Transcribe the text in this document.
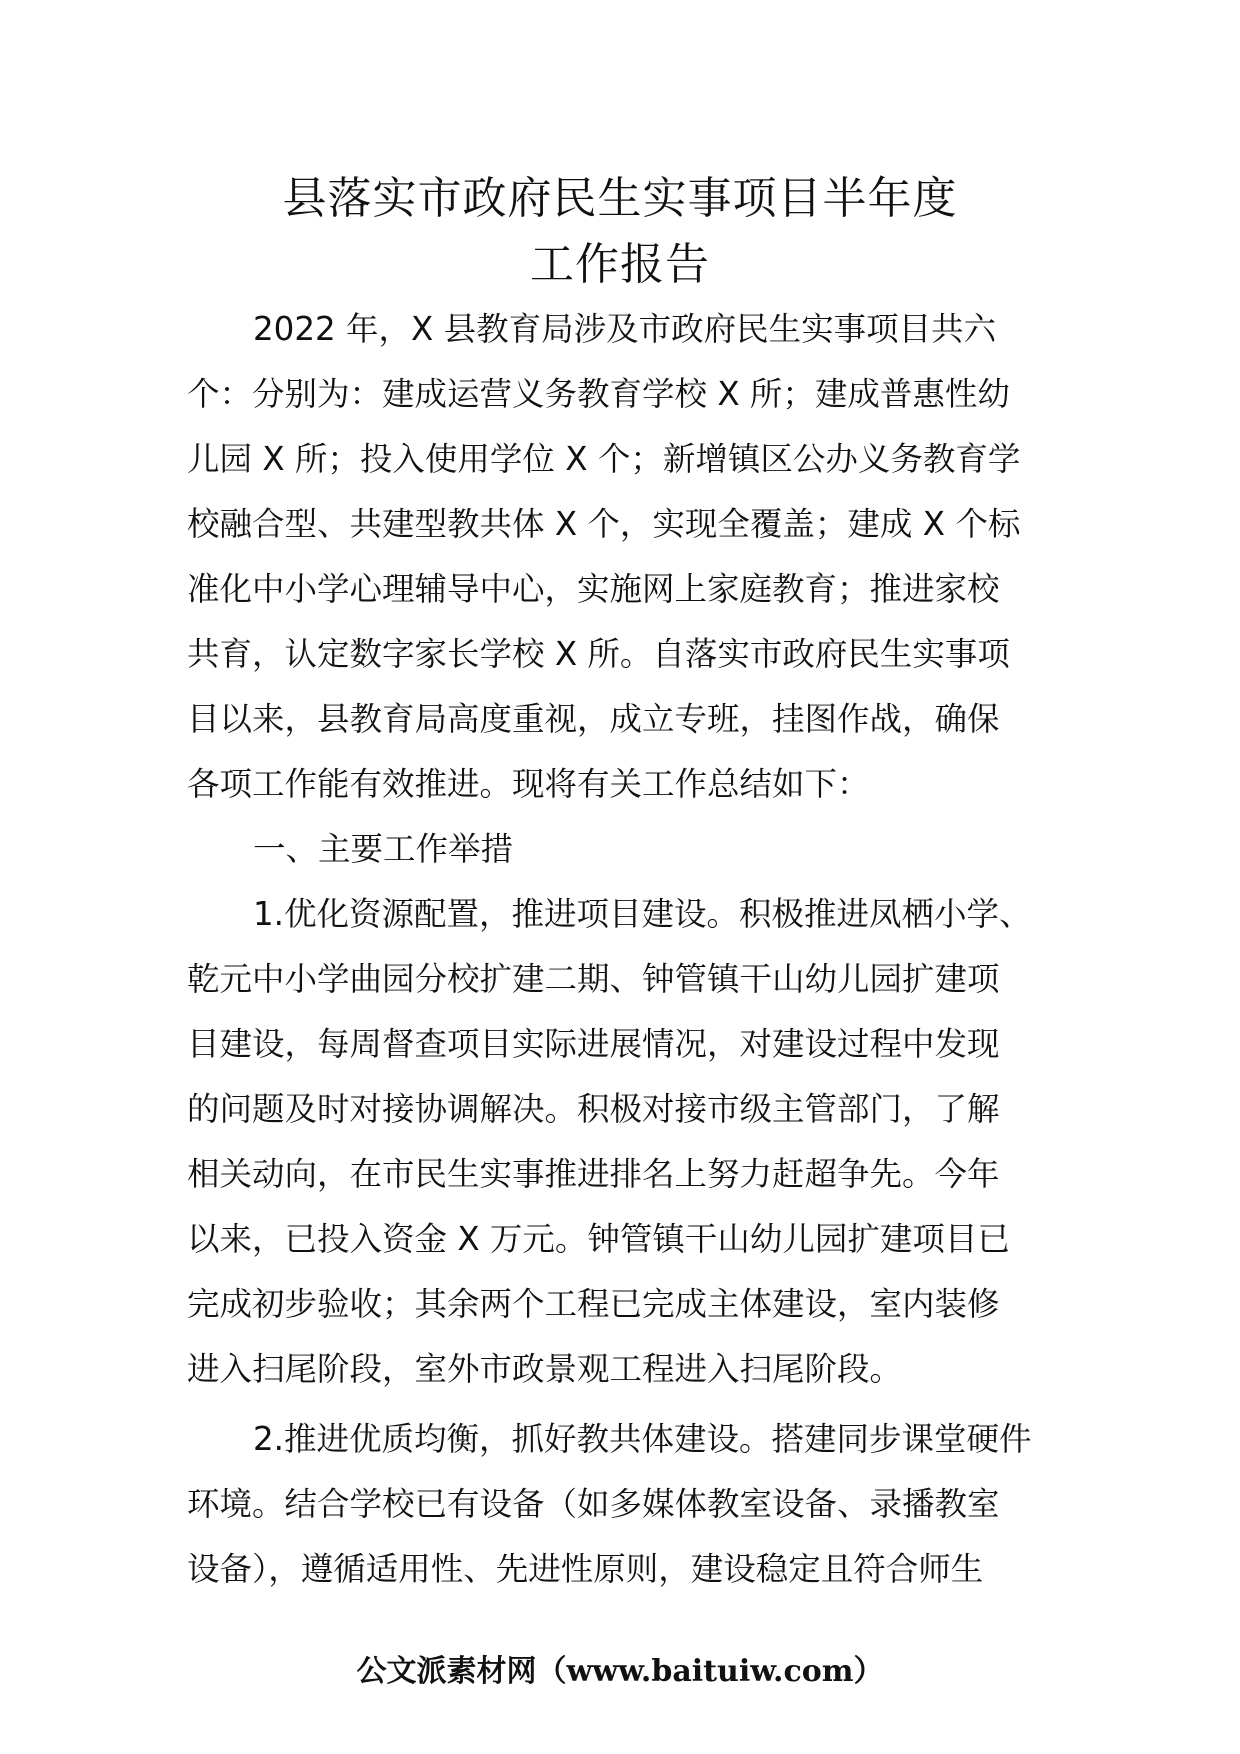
县落实市政府民生实事项目半年度
工作报告

2022 年，X 县教育局涉及市政府民生实事项目共六

个：分别为：建成运营义务教育学校 X 所；建成普惠性幼

儿园 X 所；投入使用学位 X 个；新增镇区公办义务教育学

校融合型、共建型教共体 X 个，实现全覆盖；建成 X 个标

准化中小学心理辅导中心，实施网上家庭教育；推进家校

共育，认定数字家长学校 X 所。自落实市政府民生实事项

目以来，县教育局高度重视，成立专班，挂图作战，确保

各项工作能有效推进。现将有关工作总结如下：

一、主要工作举措

1.优化资源配置，推进项目建设。积极推进凤栖小学、

乾元中小学曲园分校扩建二期、钟管镇干山幼儿园扩建项

目建设，每周督查项目实际进展情况，对建设过程中发现

的问题及时对接协调解决。积极对接市级主管部门，了解

相关动向，在市民生实事推进排名上努力赶超争先。今年

以来，已投入资金 X 万元。钟管镇干山幼儿园扩建项目已

完成初步验收；其余两个工程已完成主体建设，室内装修

进入扫尾阶段，室外市政景观工程进入扫尾阶段。

2.推进优质均衡，抓好教共体建设。搭建同步课堂硬件

环境。结合学校已有设备（如多媒体教室设备、录播教室

设备），遵循适用性、先进性原则，建设稳定且符合师生

公文派素材网（www.baituiw.com）
